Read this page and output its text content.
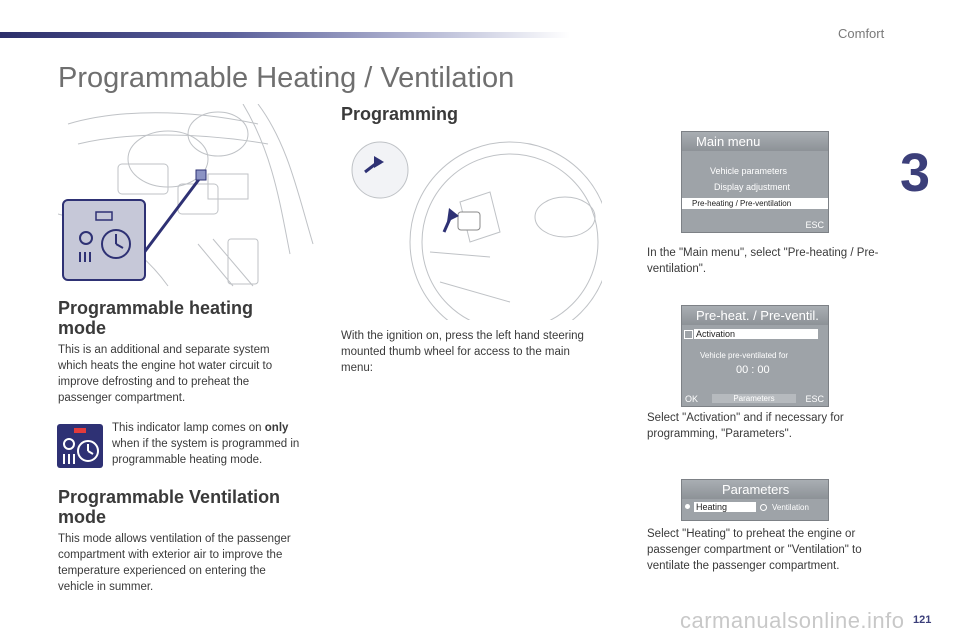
Comfort
3
Programmable Heating / Ventilation
Programming
Programmable heating mode

This is an additional and separate system which heats the engine hot water circuit to improve defrosting and to preheat the passenger compartment.

This indicator lamp comes on only when if the system is programmed in programmable heating mode.

Programmable Ventilation mode

This mode allows ventilation of the passenger compartment with exterior air to improve the temperature experienced on entering the vehicle in summer.

With the ignition on, press the left hand steering mounted thumb wheel for access to the main menu:

Main menu
Vehicle parameters
Display adjustment
Pre-heating / Pre-ventilation
ESC

In the "Main menu", select "Pre-heating / Pre-ventilation".

Pre-heat. / Pre-ventil.
Activation
Vehicle pre-ventilated for
00 : 00
OK	Parameters	ESC

Select "Activation" and if necessary for programming, "Parameters".

Parameters
Heating	Ventilation

Select "Heating" to preheat the engine or passenger compartment or "Ventilation" to ventilate the passenger compartment.

carmanualsonline.info 121
